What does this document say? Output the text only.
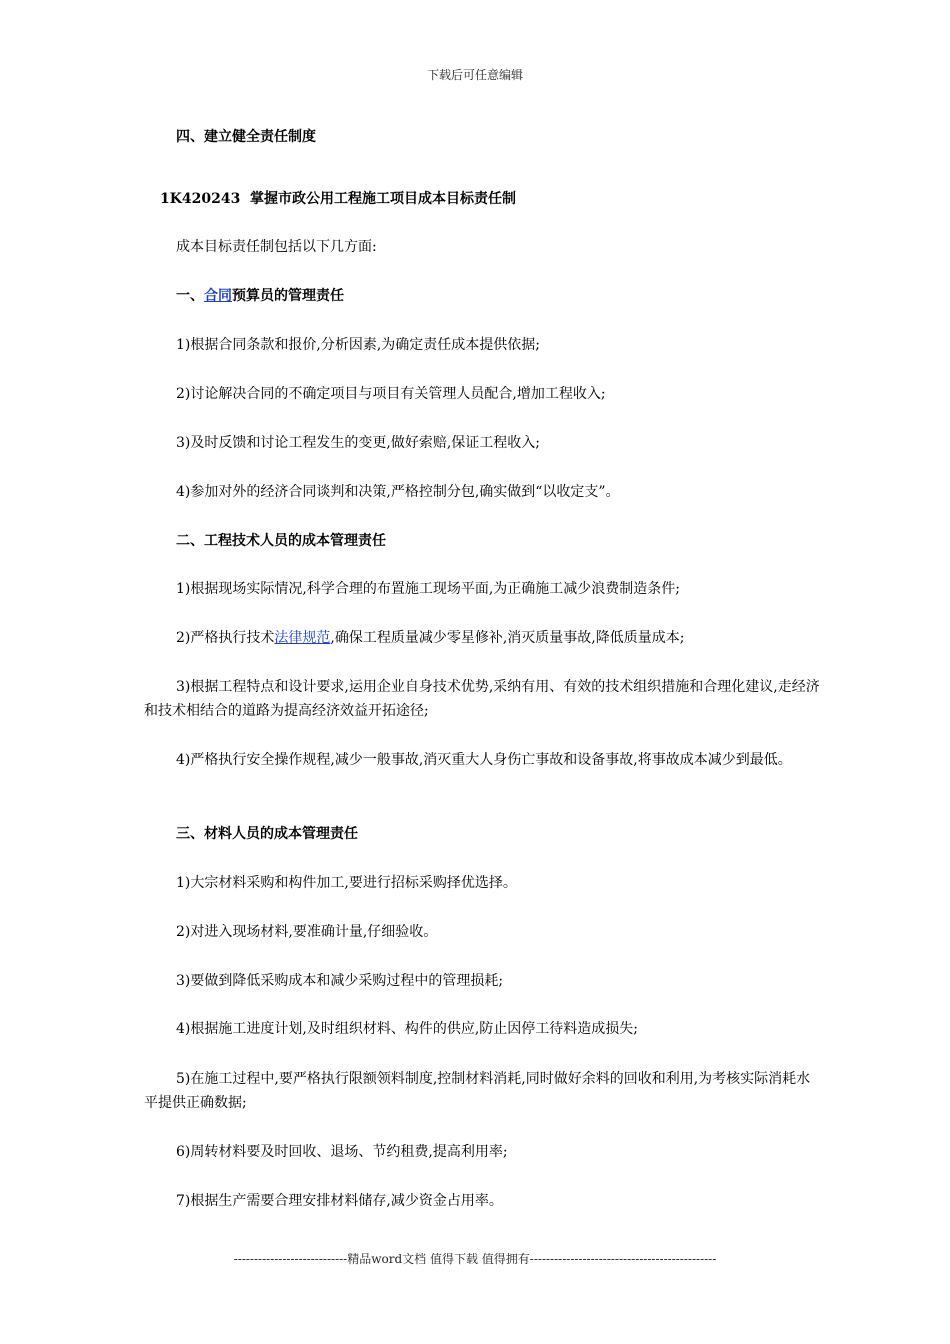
下载后可任意编辑
四、建立健全责任制度
1K420243 掌握市政公用工程施工项目成本目标责任制
成本目标责任制包括以下几方面:
一、合同预算员的管理责任
1)根据合同条款和报价,分析因素,为确定责任成本提供依据;
2)讨论解决合同的不确定项目与项目有关管理人员配合,增加工程收入;
3)及时反馈和讨论工程发生的变更,做好索赔,保证工程收入;
4)参加对外的经济合同谈判和决策,严格控制分包,确实做到“以收定支”。
二、工程技术人员的成本管理责任
1)根据现场实际情况,科学合理的布置施工现场平面,为正确施工减少浪费制造条件;
2)严格执行技术法律规范,确保工程质量减少零星修补,消灭质量事故,降低质量成本;
3)根据工程特点和设计要求,运用企业自身技术优势,采纳有用、有效的技术组织措施和合理化建议,走经济和技术相结合的道路为提高经济效益开拓途径;
4)严格执行安全操作规程,减少一般事故,消灭重大人身伤亡事故和设备事故,将事故成本减少到最低。
三、材料人员的成本管理责任
1)大宗材料采购和构件加工,要进行招标采购择优选择。
2)对进入现场材料,要准确计量,仔细验收。
3)要做到降低采购成本和减少采购过程中的管理损耗;
4)根据施工进度计划,及时组织材料、构件的供应,防止因停工待料造成损失;
5)在施工过程中,要严格执行限额领料制度,控制材料消耗,同时做好余料的回收和利用,为考核实际消耗水平提供正确数据;
6)周转材料要及时回收、退场、节约租费,提高利用率;
7)根据生产需要合理安排材料储存,减少资金占用率。
----------------------------精品word文档 值得下载 值得拥有----------------------------------------------
